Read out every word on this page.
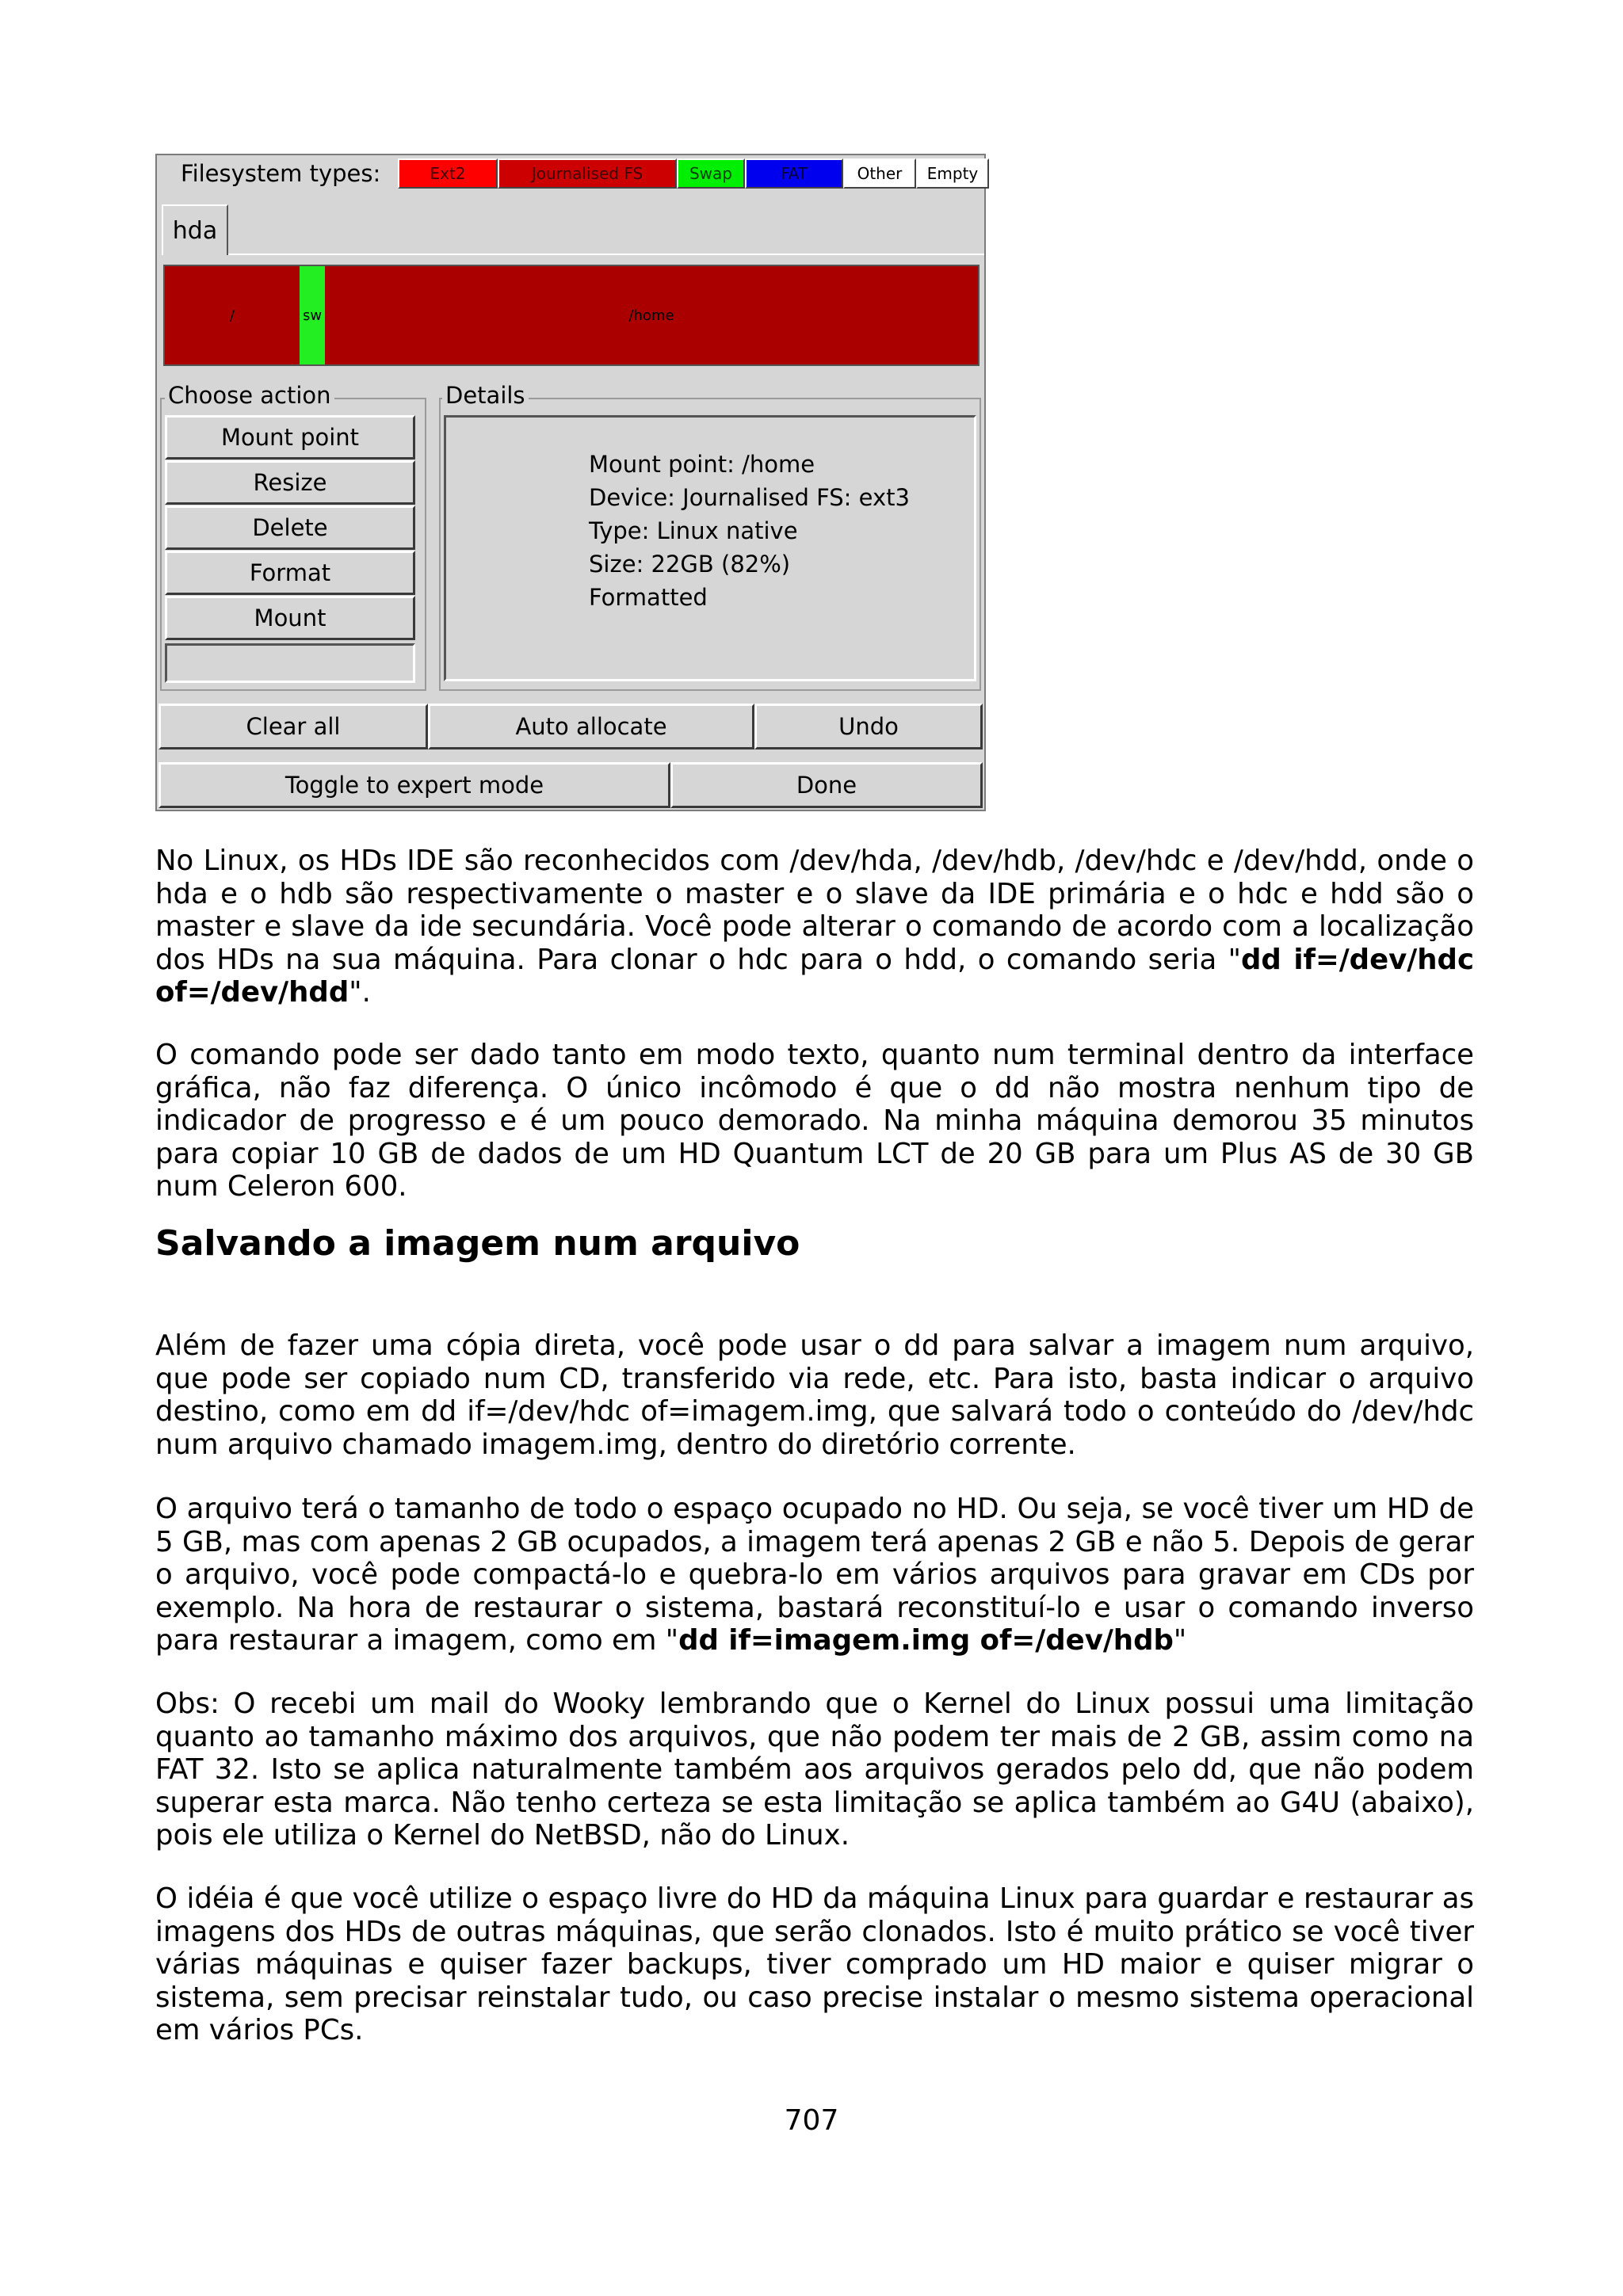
Filesystem types:	Ext2	Journalised FS	Swap	FAT	Other	Empty
hda
/	sw	/home
Choose action
Mount point
Resize
Delete
Format
Mount
Details
Mount point: /home
Device: Journalised FS: ext3
Type: Linux native
Size: 22GB (82%)
Formatted
Clear all	Auto allocate	Undo
Toggle to expert mode	Done

No Linux, os HDs IDE são reconhecidos com /dev/hda, /dev/hdb, /dev/hdc e /dev/hdd, onde o hda e o hdb são respectivamente o master e o slave da IDE primária e o hdc e hdd são o master e slave da ide secundária. Você pode alterar o comando de acordo com a localização dos HDs na sua máquina. Para clonar o hdc para o hdd, o comando seria "dd if=/dev/hdc of=/dev/hdd".

O comando pode ser dado tanto em modo texto, quanto num terminal dentro da interface gráfica, não faz diferença. O único incômodo é que o dd não mostra nenhum tipo de indicador de progresso e é um pouco demorado. Na minha máquina demorou 35 minutos para copiar 10 GB de dados de um HD Quantum LCT de 20 GB para um Plus AS de 30 GB num Celeron 600.

Salvando a imagem num arquivo

Além de fazer uma cópia direta, você pode usar o dd para salvar a imagem num arquivo, que pode ser copiado num CD, transferido via rede, etc. Para isto, basta indicar o arquivo destino, como em dd if=/dev/hdc of=imagem.img, que salvará todo o conteúdo do /dev/hdc num arquivo chamado imagem.img, dentro do diretório corrente.

O arquivo terá o tamanho de todo o espaço ocupado no HD. Ou seja, se você tiver um HD de 5 GB, mas com apenas 2 GB ocupados, a imagem terá apenas 2 GB e não 5. Depois de gerar o arquivo, você pode compactá-lo e quebra-lo em vários arquivos para gravar em CDs por exemplo. Na hora de restaurar o sistema, bastará reconstituí-lo e usar o comando inverso para restaurar a imagem, como em "dd if=imagem.img of=/dev/hdb"

Obs: O recebi um mail do Wooky lembrando que o Kernel do Linux possui uma limitação quanto ao tamanho máximo dos arquivos, que não podem ter mais de 2 GB, assim como na FAT 32. Isto se aplica naturalmente também aos arquivos gerados pelo dd, que não podem superar esta marca. Não tenho certeza se esta limitação se aplica também ao G4U (abaixo), pois ele utiliza o Kernel do NetBSD, não do Linux.

O idéia é que você utilize o espaço livre do HD da máquina Linux para guardar e restaurar as imagens dos HDs de outras máquinas, que serão clonados. Isto é muito prático se você tiver várias máquinas e quiser fazer backups, tiver comprado um HD maior e quiser migrar o sistema, sem precisar reinstalar tudo, ou caso precise instalar o mesmo sistema operacional em vários PCs.

707
